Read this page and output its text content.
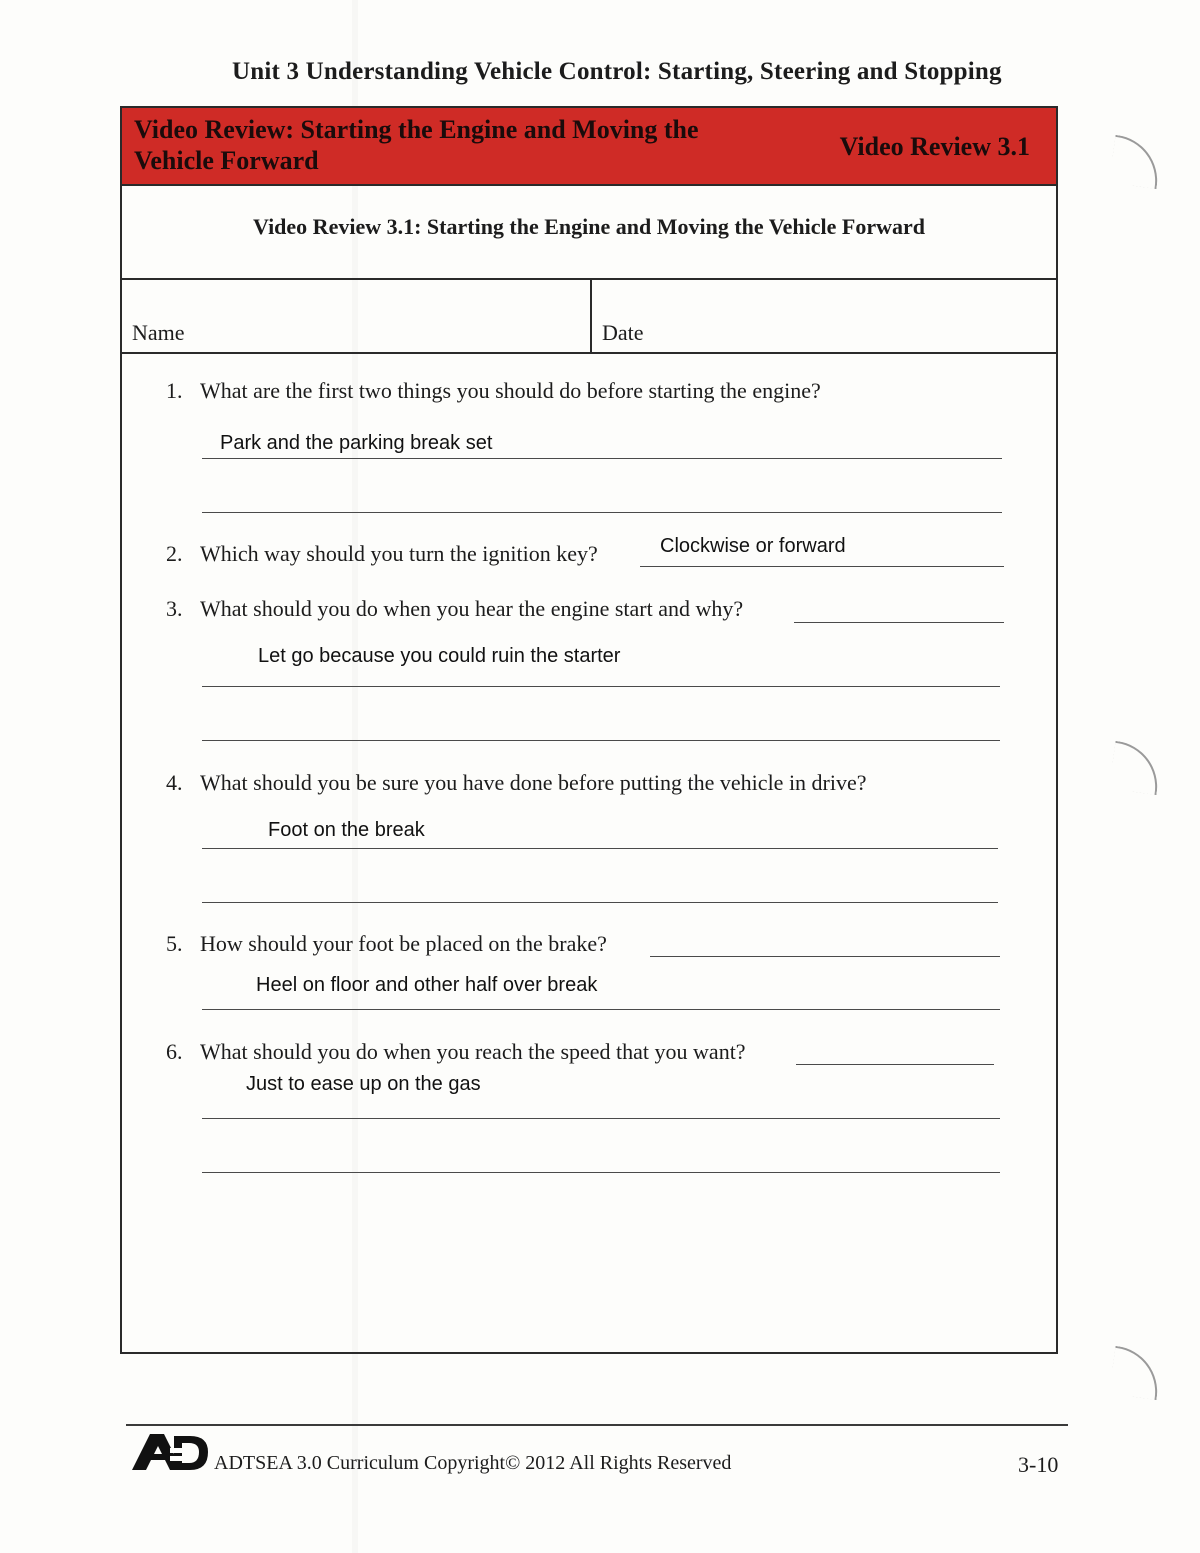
Unit 3 Understanding Vehicle Control: Starting, Steering and Stopping
Video Review: Starting the Engine and Moving the Vehicle Forward	Video Review 3.1
Video Review 3.1: Starting the Engine and Moving the Vehicle Forward
Name	Date
1. What are the first two things you should do before starting the engine?
Park and the parking break set
2. Which way should you turn the ignition key?	Clockwise or forward
3. What should you do when you hear the engine start and why?
Let go because you could ruin the starter
4. What should you be sure you have done before putting the vehicle in drive?
Foot on the break
5. How should your foot be placed on the brake?
Heel on floor and other half over break
6. What should you do when you reach the speed that you want?
Just to ease up on the gas
ADTSEA 3.0 Curriculum Copyright© 2012 All Rights Reserved	3-10
